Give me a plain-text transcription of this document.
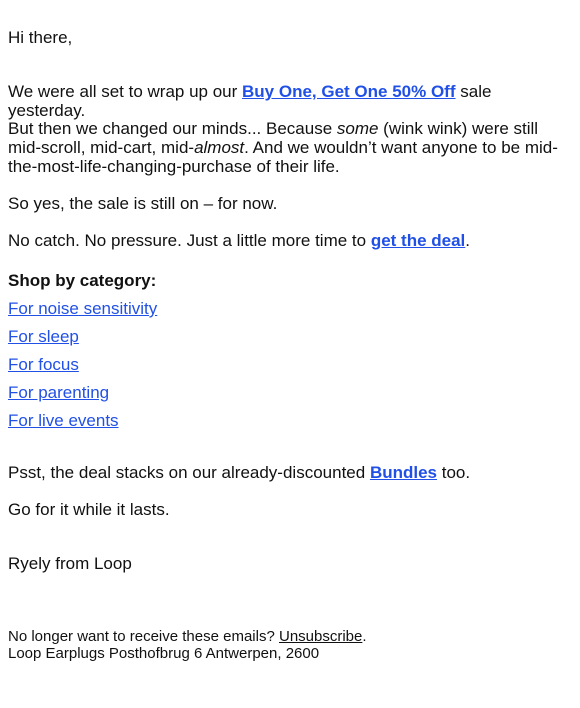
Hi there,

We were all set to wrap up our Buy One, Get One 50% Off sale yesterday.

But then we changed our minds... Because some (wink wink) were still mid-scroll, mid-cart, mid-almost. And we wouldn’t want anyone to be mid-the-most-life-changing-purchase of their life.

So yes, the sale is still on – for now.

No catch. No pressure. Just a little more time to get the deal.

Shop by category:

For noise sensitivity
For sleep
For focus
For parenting
For live events

Psst, the deal stacks on our already-discounted Bundles too.

Go for it while it lasts.

Ryely from Loop

No longer want to receive these emails? Unsubscribe.
Loop Earplugs Posthofbrug 6 Antwerpen, 2600
